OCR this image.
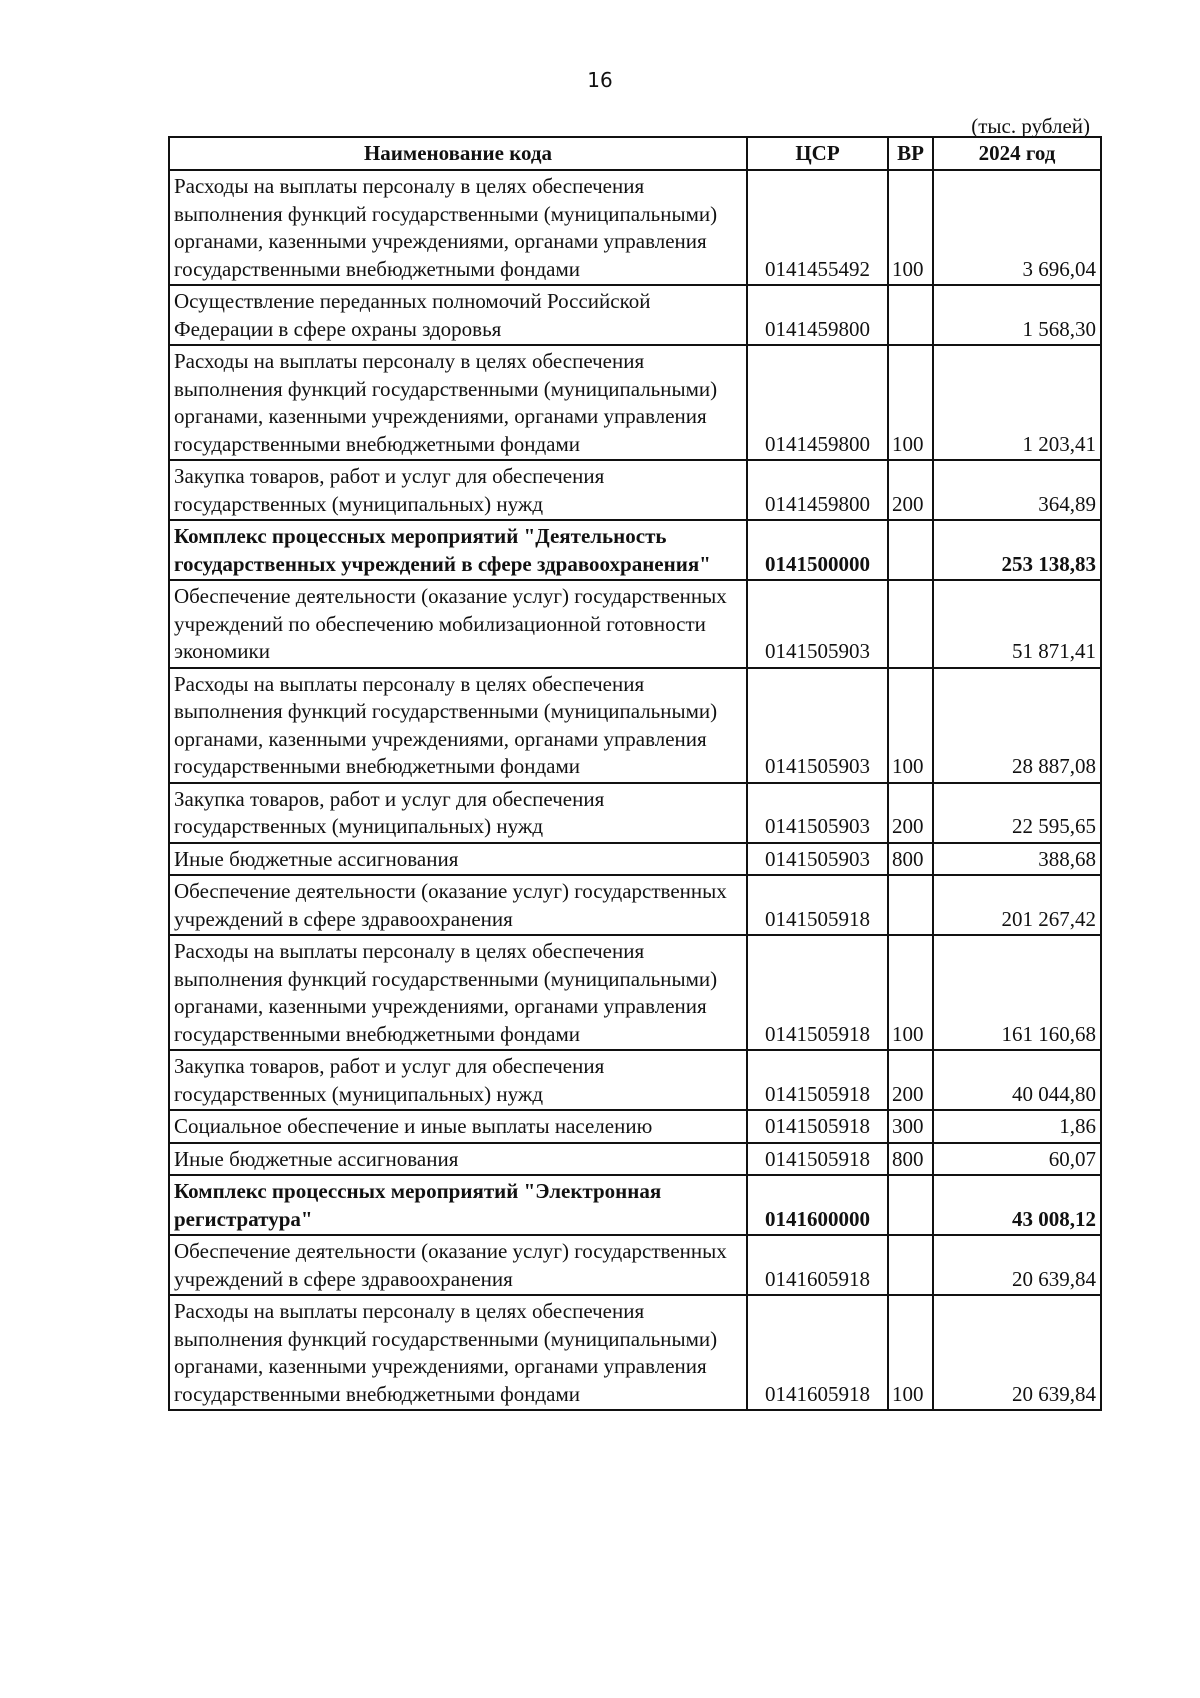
16
(тыс. рублей)
Наименование кода	ЦСР	ВР	2024 год
Расходы на выплаты персоналу в целях обеспечения выполнения функций государственными (муниципальными) органами, казенными учреждениями, органами управления государственными внебюджетными фондами	0141455492	100	3 696,04
Осуществление переданных полномочий Российской Федерации в сфере охраны здоровья	0141459800		1 568,30
Расходы на выплаты персоналу в целях обеспечения выполнения функций государственными (муниципальными) органами, казенными учреждениями, органами управления государственными внебюджетными фондами	0141459800	100	1 203,41
Закупка товаров, работ и услуг для обеспечения государственных (муниципальных) нужд	0141459800	200	364,89
Комплекс процессных мероприятий "Деятельность государственных учреждений в сфере здравоохранения"	0141500000		253 138,83
Обеспечение деятельности (оказание услуг) государственных учреждений по обеспечению мобилизационной готовности экономики	0141505903		51 871,41
Расходы на выплаты персоналу в целях обеспечения выполнения функций государственными (муниципальными) органами, казенными учреждениями, органами управления государственными внебюджетными фондами	0141505903	100	28 887,08
Закупка товаров, работ и услуг для обеспечения государственных (муниципальных) нужд	0141505903	200	22 595,65
Иные бюджетные ассигнования	0141505903	800	388,68
Обеспечение деятельности (оказание услуг) государственных учреждений в сфере здравоохранения	0141505918		201 267,42
Расходы на выплаты персоналу в целях обеспечения выполнения функций государственными (муниципальными) органами, казенными учреждениями, органами управления государственными внебюджетными фондами	0141505918	100	161 160,68
Закупка товаров, работ и услуг для обеспечения государственных (муниципальных) нужд	0141505918	200	40 044,80
Социальное обеспечение и иные выплаты населению	0141505918	300	1,86
Иные бюджетные ассигнования	0141505918	800	60,07
Комплекс процессных мероприятий "Электронная регистратура"	0141600000		43 008,12
Обеспечение деятельности (оказание услуг) государственных учреждений в сфере здравоохранения	0141605918		20 639,84
Расходы на выплаты персоналу в целях обеспечения выполнения функций государственными (муниципальными) органами, казенными учреждениями, органами управления государственными внебюджетными фондами	0141605918	100	20 639,84
